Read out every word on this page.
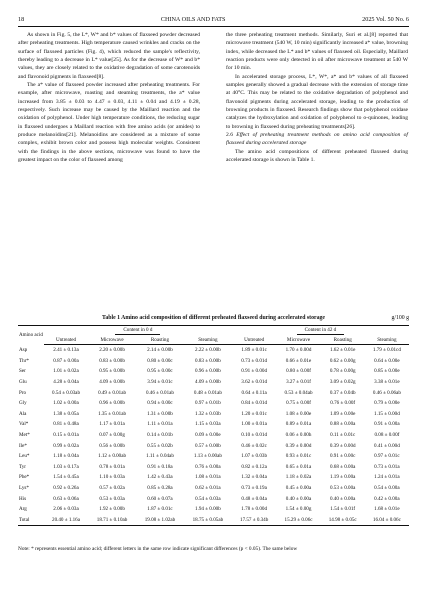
18	CHINA OILS AND FATS	2025 Vol. 50 No. 6

As shown in Fig. 5, the L*, W* and b* values of flaxseed powder decreased after preheating treatments. High temperature caused wrinkles and cracks on the surface of flaxseed particles (Fig. 4), which reduced the sample's reflectivity, thereby leading to a decrease in L* value[25]. As for the decrease of W* and b* values, they are closely related to the oxidative degradation of some carotenoids and flavonoid pigments in flaxseed[8].

The a* value of flaxseed powder increased after preheating treatments. For example, after microwave, roasting and steaming treatments, the a* value increased from 3.85 ± 0.03 to 4.47 ± 0.03, 4.11 ± 0.04 and 4.19 ± 0.28, respectively. Such increase may be caused by the Maillard reaction and the oxidation of polyphenol. Under high temperature conditions, the reducing sugar in flaxseed undergoes a Maillard reaction with free amino acids (or amides) to produce melanoidins[21]. Melanoidins are considered as a mixture of some complex, exhibit brown color and possess high molecular weights. Consistent with the findings in the above sections, microwave was found to have the greatest impact on the color of flaxseed among

the three preheating treatment methods. Similarly, Suri et al.[8] reported that microwave treatment (540 W, 10 min) significantly increased a* value, browning index, while decreased the L* and b* values of flaxseed oil. Especially, Maillard reaction products were only detected in oil after microwave treatment at 540 W for 10 min.

In accelerated storage process, L*, W*, a* and b* values of all flaxseed samples generally showed a gradual decrease with the extension of storage time at 40°C. This may be related to the oxidative degradation of polyphenol and flavonoid pigments during accelerated storage, leading to the production of browning products in flaxseed. Research findings show that polyphenol oxidase catalyzes the hydroxylation and oxidation of polyphenol to o-quinones, leading to browning in flaxseed during preheating treatments[26].

2.6 Effect of preheating treatment methods on amino acid composition of flaxseed during accelerated storage

The amino acid compositions of different preheated flaxseed during accelerated storage is shown in Table 1.

Table 1 Amino acid composition of different preheated flaxseed during accelerated storage	g/100 g
Amino acid	Content in 0 d				Content in 42 d			
	Untreated	Microwave	Roasting	Steaming	Untreated	Microwave	Roasting	Steaming
Asp	2.41 ± 0.13a	2.20 ± 0.00b	2.14 ± 0.00b	2.22 ± 0.00b	1.89 ± 0.01c	1.70 ± 0.00d	1.62 ± 0.01e	1.79 ± 0.01cd
Thr*	0.87 ± 0.00a	0.83 ± 0.00b	0.80 ± 0.00c	0.83 ± 0.00b	0.73 ± 0.01d	0.66 ± 0.01e	0.62 ± 0.00g	0.64 ± 0.00e
Ser	1.01 ± 0.02a	0.95 ± 0.00b	0.95 ± 0.00c	0.96 ± 0.00b	0.91 ± 0.00d	0.80 ± 0.00f	0.78 ± 0.00g	0.85 ± 0.00e
Glu	4.28 ± 0.04a	4.09 ± 0.00b	3.94 ± 0.01c	4.09 ± 0.00b	3.62 ± 0.01d	3.27 ± 0.01f	3.09 ± 0.02g	3.38 ± 0.01e
Pro	0.54 ± 0.03ab	0.49 ± 0.01ab	0.46 ± 0.01ab	0.48 ± 0.01ab	0.64 ± 0.11a	0.53 ± 0.04ab	0.37 ± 0.04b	0.46 ± 0.06ab
Gly	1.02 ± 0.00a	0.96 ± 0.00b	0.94 ± 0.00c	0.97 ± 0.01b	0.84 ± 0.01d	0.75 ± 0.00f	0.76 ± 0.00f	0.79 ± 0.00e
Ala	1.38 ± 0.05a	1.35 ± 0.01ab	1.31 ± 0.00b	1.32 ± 0.03b	1.20 ± 0.01c	1.08 ± 0.00e	1.09 ± 0.00e	1.15 ± 0.00d
Val*	0.81 ± 0.48a	1.17 ± 0.01a	1.11 ± 0.01a	1.15 ± 0.03a	1.00 ± 0.01a	0.89 ± 0.01a	0.88 ± 0.00a	0.91 ± 0.00a
Met*	0.15 ± 0.01a	0.07 ± 0.00g	0.14 ± 0.01b	0.09 ± 0.00e	0.10 ± 0.01d	0.06 ± 0.00h	0.11 ± 0.01c	0.08 ± 0.00f
Ile*	0.99 ± 0.02a	0.56 ± 0.00b	0.55 ± 0.02b	0.57 ± 0.00b	0.46 ± 0.02c	0.39 ± 0.00d	0.39 ± 0.00d	0.41 ± 0.00d
Leu*	1.18 ± 0.04a	1.12 ± 0.00ab	1.11 ± 0.04ab	1.13 ± 0.00ab	1.07 ± 0.03b	0.93 ± 0.01c	0.91 ± 0.00c	0.97 ± 0.01c
Tyr	1.03 ± 0.17a	0.78 ± 0.01a	0.91 ± 0.18a	0.76 ± 0.00a	0.82 ± 0.12a	0.65 ± 0.01a	0.68 ± 0.00a	0.73 ± 0.01a
Phe*	1.54 ± 0.45a	1.10 ± 0.03a	1.42 ± 0.43a	1.08 ± 0.01a	1.32 ± 0.04a	1.18 ± 0.02a	1.19 ± 0.00a	1.24 ± 0.01a
Lys*	0.92 ± 0.26a	0.57 ± 0.02a	0.85 ± 0.28a	0.62 ± 0.01a	0.73 ± 0.19a	0.45 ± 0.00a	0.53 ± 0.00a	0.54 ± 0.00a
His	0.63 ± 0.06a	0.53 ± 0.03a	0.60 ± 0.07a	0.54 ± 0.03a	0.48 ± 0.04a	0.40 ± 0.00a	0.40 ± 0.00a	0.42 ± 0.00a
Arg	2.06 ± 0.03a	1.92 ± 0.00b	1.87 ± 0.01c	1.94 ± 0.00b	1.78 ± 0.00d	1.54 ± 0.00g	1.54 ± 0.01f	1.68 ± 0.01e
Total	20.40 ± 1.16a	18.71 ± 0.10ab	19.08 ± 1.02ab	18.75 ± 0.05ab	17.57 ± 0.34b	15.29 ± 0.06c	14.98 ± 0.05c	16.04 ± 0.06c
Note: * represents essential amino acid; different letters in the same row indicate significant differences (p < 0.05). The same below
